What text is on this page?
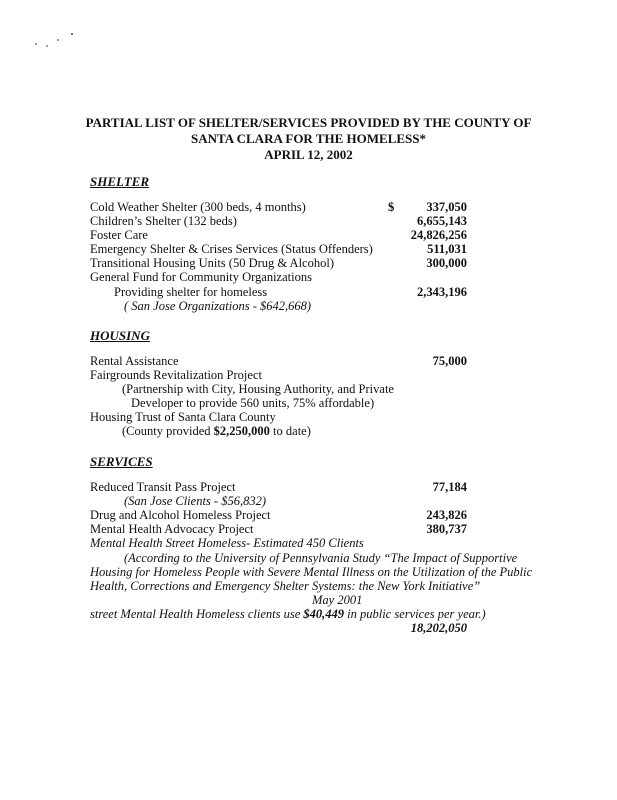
PARTIAL LIST OF SHELTER/SERVICES PROVIDED BY THE COUNTY OF
SANTA CLARA FOR THE HOMELESS*
APRIL 12, 2002
SHELTER
Cold Weather Shelter (300 beds, 4 months)	$	337,050
Children’s Shelter (132 beds)	6,655,143
Foster Care	24,826,256
Emergency Shelter & Crises Services (Status Offenders)	511,031
Transitional Housing Units (50 Drug & Alcohol)	300,000
General Fund for Community Organizations
Providing shelter for homeless	2,343,196
( San Jose Organizations - $642,668)
HOUSING
Rental Assistance	75,000
Fairgrounds Revitalization Project
(Partnership with City, Housing Authority, and Private
Developer to provide 560 units, 75% affordable)
Housing Trust of Santa Clara County
(County provided $2,250,000 to date)
SERVICES
Reduced Transit Pass Project	77,184
(San Jose Clients - $56,832)
Drug and Alcohol Homeless Project	243,826
Mental Health Advocacy Project	380,737
Mental Health Street Homeless- Estimated 450 Clients
(According to the University of Pennsylvania Study “The Impact of Supportive
Housing for Homeless People with Severe Mental Illness on the Utilization of the Public
Health, Corrections and Emergency Shelter Systems: the New York Initiative”
May 2001
street Mental Health Homeless clients use $40,449 in public services per year.)
18,202,050
